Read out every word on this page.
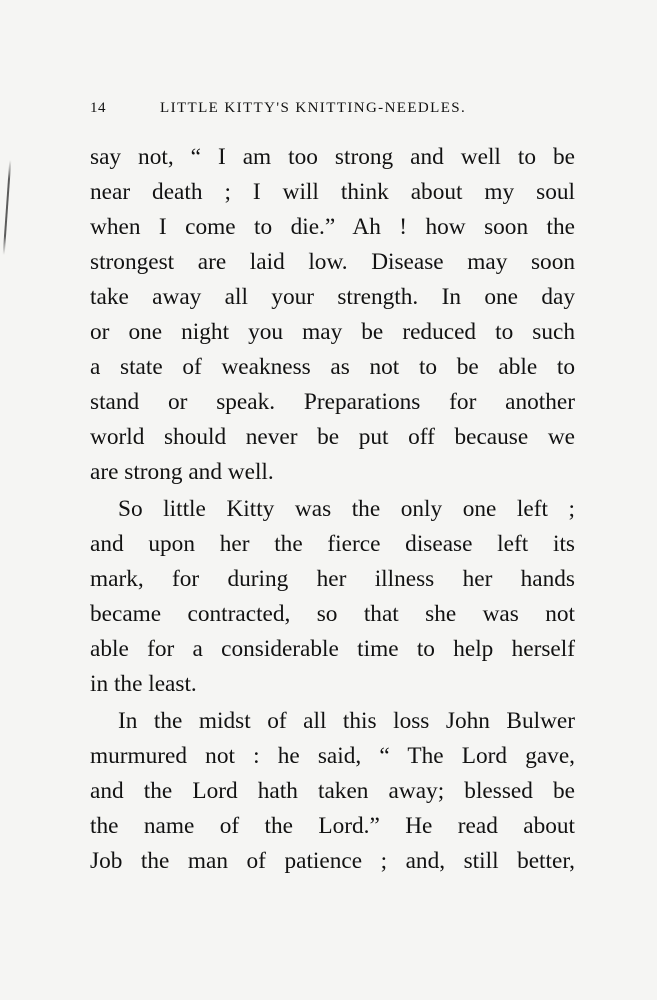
14	LITTLE KITTY'S KNITTING-NEEDLES.
say not, “ I am too strong and well to be
near death ; I will think about my soul
when I come to die.” Ah ! how soon the
strongest are laid low. Disease may soon
take away all your strength. In one day
or one night you may be reduced to such
a state of weakness as not to be able to
stand or speak. Preparations for another
world should never be put off because we
are strong and well.
So little Kitty was the only one left ;
and upon her the fierce disease left its
mark, for during her illness her hands
became contracted, so that she was not
able for a considerable time to help herself
in the least.
In the midst of all this loss John Bulwer
murmured not : he said, “ The Lord gave,
and the Lord hath taken away; blessed be
the name of the Lord.” He read about
Job the man of patience ; and, still better,
